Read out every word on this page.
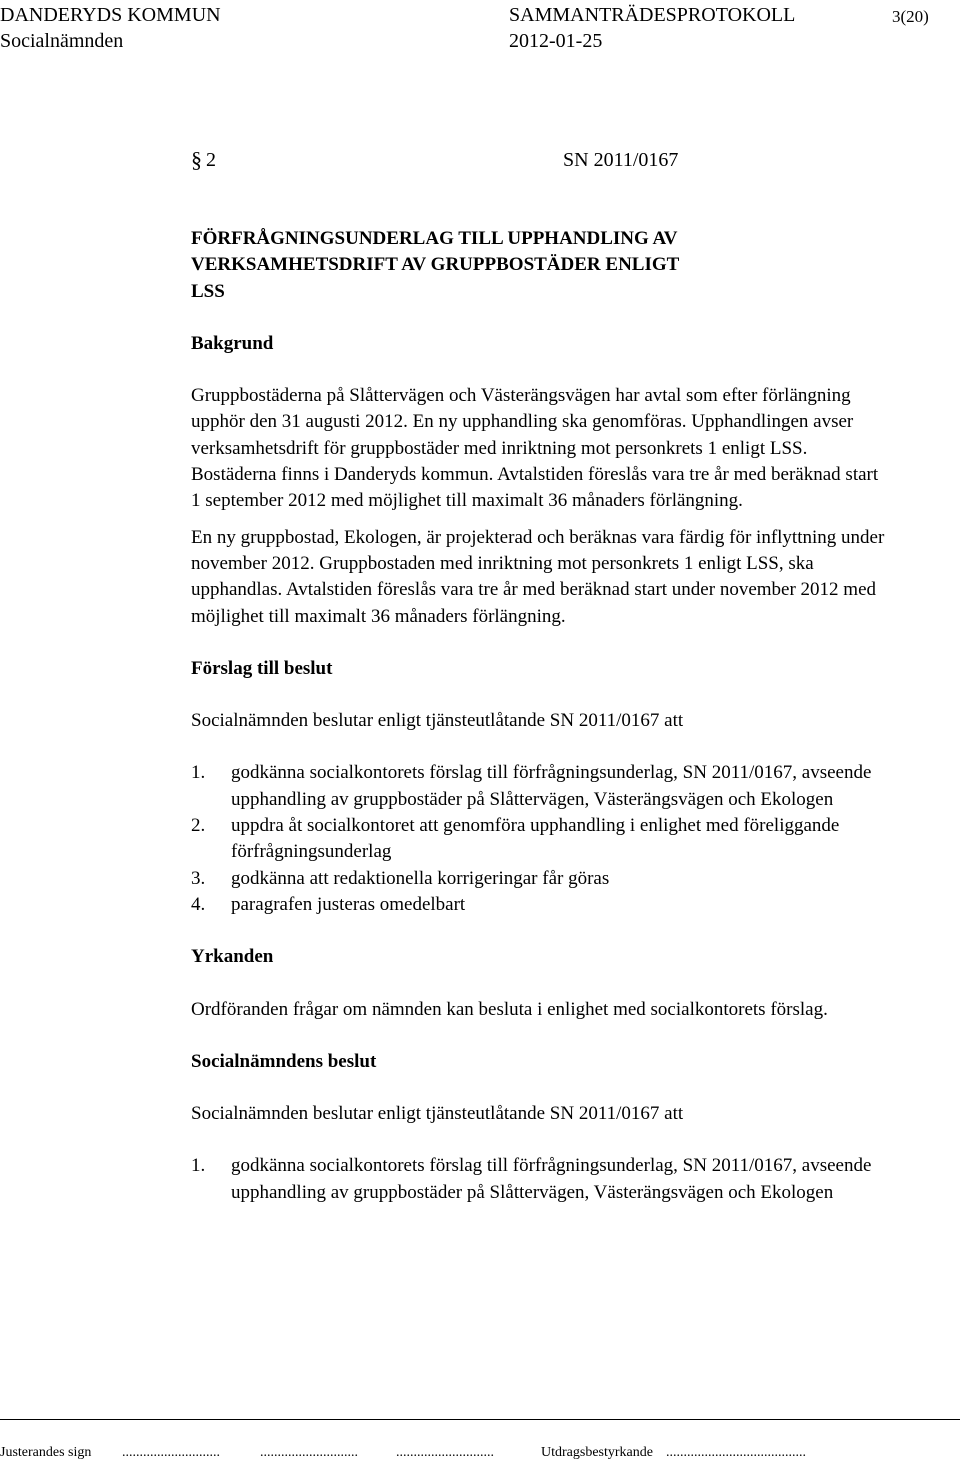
DANDERYDS KOMMUN	SAMMANTRÄDESPROTOKOLL	3(20)
Socialnämnden	2012-01-25
§ 2	SN 2011/0167
FÖRFRÅGNINGSUNDERLAG TILL UPPHANDLING AV
VERKSAMHETSDRIFT AV GRUPPBOSTÄDER ENLIGT
LSS
Bakgrund

Gruppbostäderna på Slåttervägen och Västerängsvägen har avtal som efter förlängning upphör den 31 augusti 2012. En ny upphandling ska genomföras. Upphandlingen avser verksamhetsdrift för gruppbostäder med inriktning mot personkrets 1 enligt LSS. Bostäderna finns i Danderyds kommun. Avtalstiden föreslås vara tre år med beräknad start 1 september 2012 med möjlighet till maximalt 36 månaders förlängning.

En ny gruppbostad, Ekologen, är projekterad och beräknas vara färdig för inflyttning under november 2012. Gruppbostaden med inriktning mot personkrets 1 enligt LSS, ska upphandlas. Avtalstiden föreslås vara tre år med beräknad start under november 2012 med möjlighet till maximalt 36 månaders förlängning.

Förslag till beslut

Socialnämnden beslutar enligt tjänsteutlåtande SN 2011/0167 att

1. godkänna socialkontorets förslag till förfrågningsunderlag, SN 2011/0167, avseende upphandling av gruppbostäder på Slåttervägen, Västerängsvägen och Ekologen
2. uppdra åt socialkontoret att genomföra upphandling i enlighet med föreliggande förfrågningsunderlag
3. godkänna att redaktionella korrigeringar får göras
4. paragrafen justeras omedelbart
Yrkanden

Ordföranden frågar om nämnden kan besluta i enlighet med socialkontorets förslag.

Socialnämndens beslut

Socialnämnden beslutar enligt tjänsteutlåtande SN 2011/0167 att

1. godkänna socialkontorets förslag till förfrågningsunderlag, SN 2011/0167, avseende upphandling av gruppbostäder på Slåttervägen, Västerängsvägen och Ekologen
Justerandes sign ............................	............................	............................	Utdragsbestyrkande ........................................
